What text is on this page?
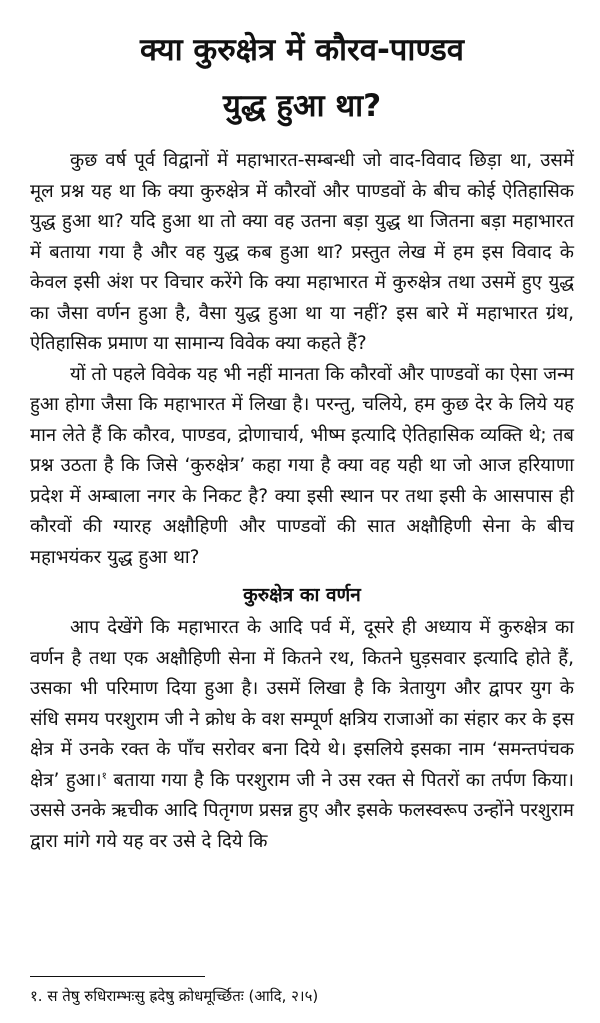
क्या कुरुक्षेत्र में कौरव-पाण्डव
युद्ध हुआ था?

कुछ वर्ष पूर्व विद्वानों में महाभारत-सम्बन्धी जो वाद-विवाद छिड़ा था, उसमें मूल प्रश्न यह था कि क्या कुरुक्षेत्र में कौरवों और पाण्डवों के बीच कोई ऐतिहासिक युद्ध हुआ था? यदि हुआ था तो क्या वह उतना बड़ा युद्ध था जितना बड़ा महाभारत में बताया गया है और वह युद्ध कब हुआ था? प्रस्तुत लेख में हम इस विवाद के केवल इसी अंश पर विचार करेंगे कि क्या महाभारत में कुरुक्षेत्र तथा उसमें हुए युद्ध का जैसा वर्णन हुआ है, वैसा युद्ध हुआ था या नहीं? इस बारे में महाभारत ग्रंथ, ऐतिहासिक प्रमाण या सामान्य विवेक क्या कहते हैं?

यों तो पहले विवेक यह भी नहीं मानता कि कौरवों और पाण्डवों का ऐसा जन्म हुआ होगा जैसा कि महाभारत में लिखा है। परन्तु, चलिये, हम कुछ देर के लिये यह मान लेते हैं कि कौरव, पाण्डव, द्रोणाचार्य, भीष्म इत्यादि ऐतिहासिक व्यक्ति थे; तब प्रश्न उठता है कि जिसे ‘कुरुक्षेत्र’ कहा गया है क्या वह यही था जो आज हरियाणा प्रदेश में अम्बाला नगर के निकट है? क्या इसी स्थान पर तथा इसी के आसपास ही कौरवों की ग्यारह अक्षौहिणी और पाण्डवों की सात अक्षौहिणी सेना के बीच महाभयंकर युद्ध हुआ था?

कुरुक्षेत्र का वर्णन

आप देखेंगे कि महाभारत के आदि पर्व में, दूसरे ही अध्याय में कुरुक्षेत्र का वर्णन है तथा एक अक्षौहिणी सेना में कितने रथ, कितने घुड़सवार इत्यादि होते हैं, उसका भी परिमाण दिया हुआ है। उसमें लिखा है कि त्रेतायुग और द्वापर युग के संधि समय परशुराम जी ने क्रोध के वश सम्पूर्ण क्षत्रिय राजाओं का संहार कर के इस क्षेत्र में उनके रक्त के पाँच सरोवर बना दिये थे। इसलिये इसका नाम ‘समन्तपंचक क्षेत्र’ हुआ।$^१$ बताया गया है कि परशुराम जी ने उस रक्त से पितरों का तर्पण किया। उससे उनके ऋचीक आदि पितृगण प्रसन्न हुए और इसके फलस्वरूप उन्होंने परशुराम द्वारा मांगे गये यह वर उसे दे दिये कि

१. स तेषु रुधिराम्भःसु ह्रदेषु क्रोधमूर्च्छितः (आदि, २।५)
